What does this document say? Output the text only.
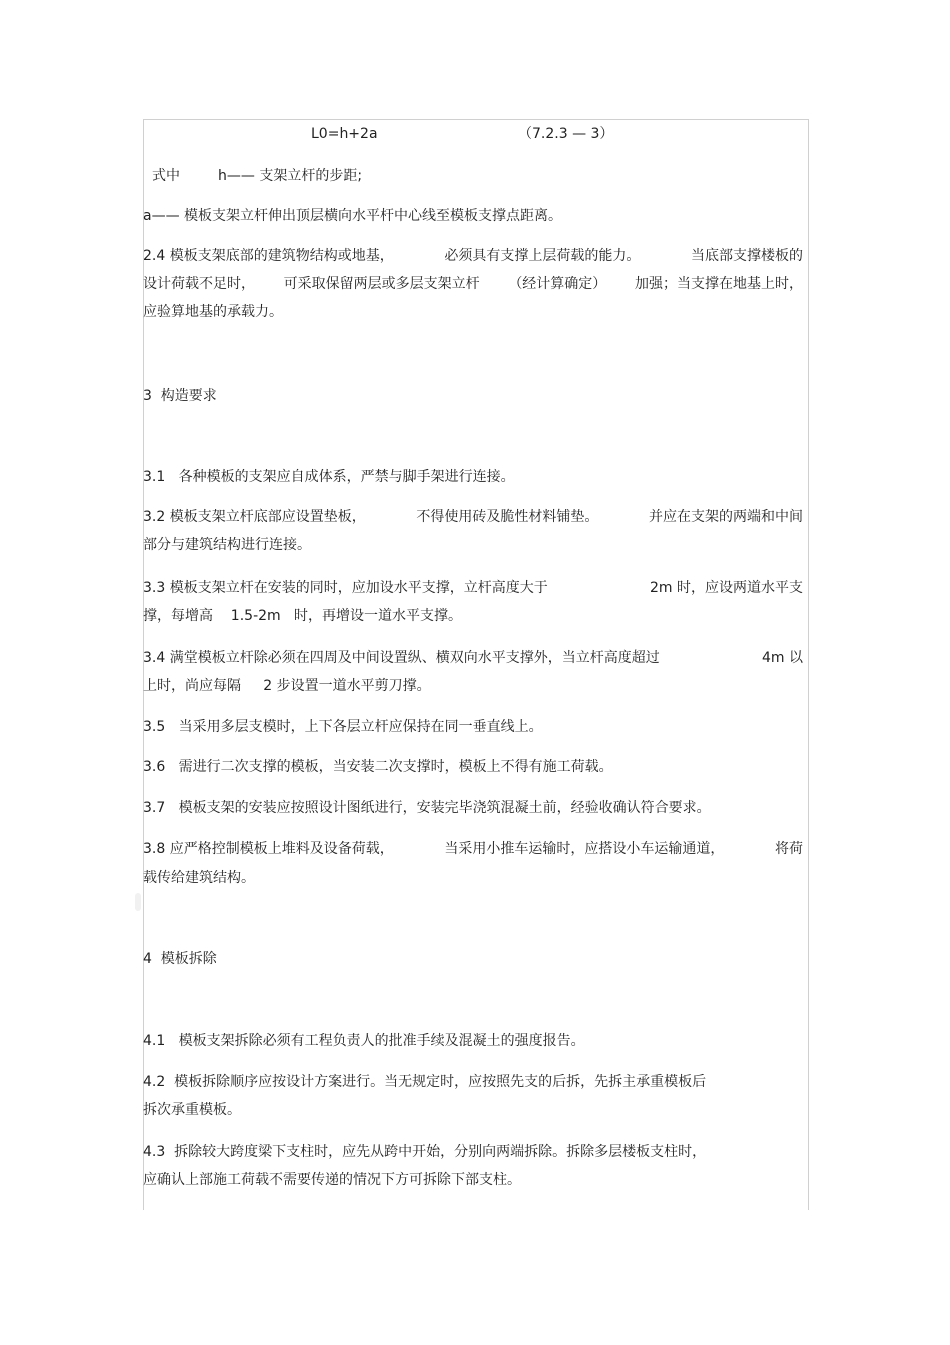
L0=h+2a	（7.2.3 — 3）
式中	h—— 支架立杆的步距;
a—— 模板支架立杆伸出顶层横向水平杆中心线至模板支撑点距离。
2.4 模板支架底部的建筑物结构或地基，	必须具有支撑上层荷载的能力。	当底部支撑楼板的
设计荷载不足时， 可采取保留两层或多层支架立杆 （经计算确定） 加强；当支撑在地基上时，
应验算地基的承载力。
3  构造要求
3.1   各种模板的支架应自成体系，严禁与脚手架进行连接。
3.2 模板支架立杆底部应设置垫板，	不得使用砖及脆性材料铺垫。	并应在支架的两端和中间
部分与建筑结构进行连接。
3.3 模板支架立杆在安装的同时，应加设水平支撑，立杆高度大于	2m 时，应设两道水平支
撑，每增高    1.5-2m   时，再增设一道水平支撑。
3.4 满堂模板立杆除必须在四周及中间设置纵、横双向水平支撑外，当立杆高度超过	4m 以
上时，尚应每隔     2 步设置一道水平剪刀撑。
3.5   当采用多层支模时，上下各层立杆应保持在同一垂直线上。
3.6   需进行二次支撑的模板，当安装二次支撑时，模板上不得有施工荷载。
3.7   模板支架的安装应按照设计图纸进行，安装完毕浇筑混凝土前，经验收确认符合要求。
3.8 应严格控制模板上堆料及设备荷载，	当采用小推车运输时，应搭设小车运输通道，	将荷
载传给建筑结构。
4  模板拆除
4.1   模板支架拆除必须有工程负责人的批准手续及混凝土的强度报告。
4.2  模板拆除顺序应按设计方案进行。当无规定时，应按照先支的后拆，先拆主承重模板后
拆次承重模板。
4.3  拆除较大跨度梁下支柱时，应先从跨中开始，分别向两端拆除。拆除多层楼板支柱时，
应确认上部施工荷载不需要传递的情况下方可拆除下部支柱。
